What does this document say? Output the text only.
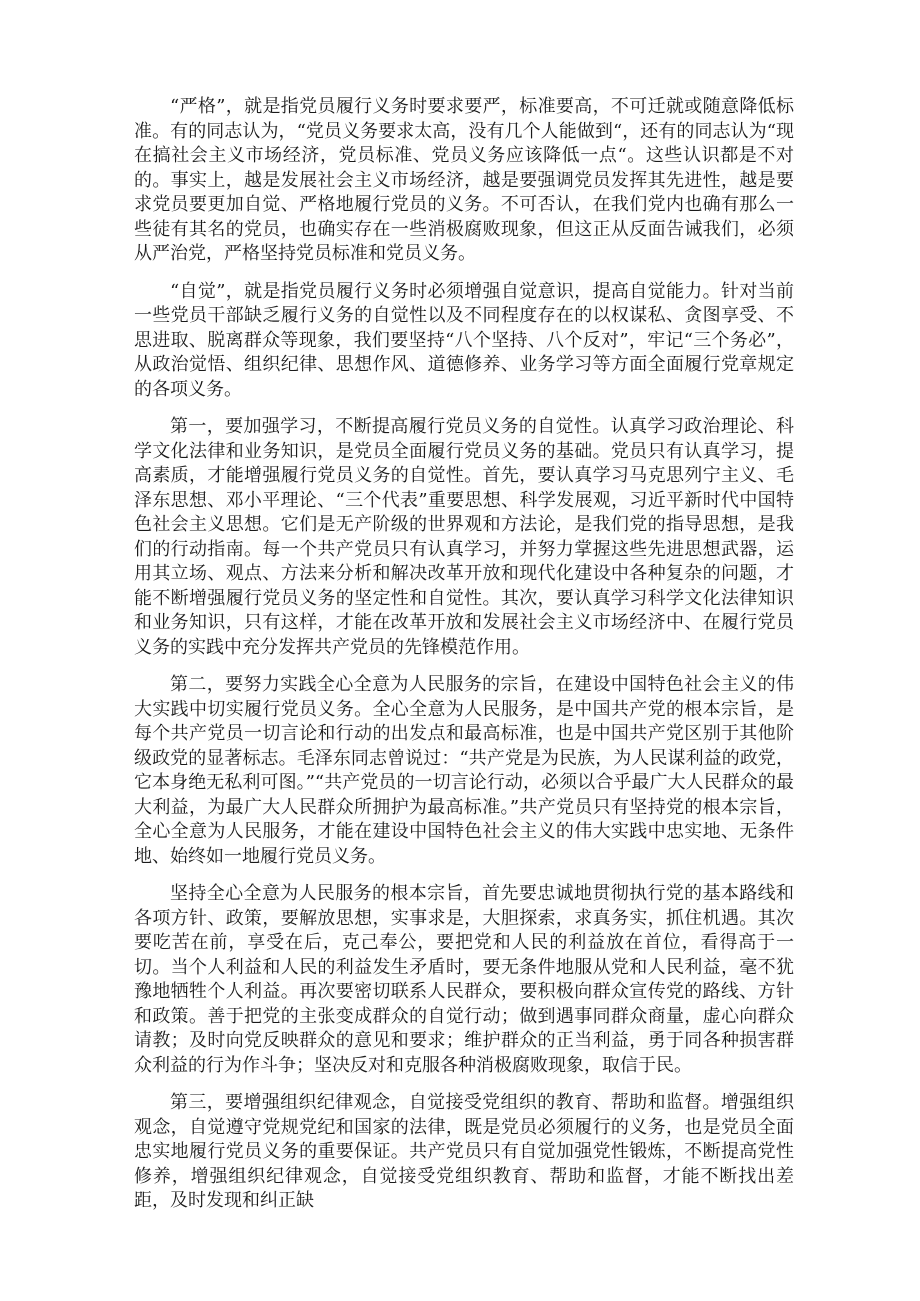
“严格”，就是指党员履行义务时要求要严，标准要高，不可迁就或随意降低标准。有的同志认为，“党员义务要求太高，没有几个人能做到“，还有的同志认为“现在搞社会主义市场经济，党员标准、党员义务应该降低一点“。这些认识都是不对的。事实上，越是发展社会主义市场经济，越是要强调党员发挥其先进性，越是要求党员要更加自觉、严格地履行党员的义务。不可否认，在我们党内也确有那么一些徒有其名的党员，也确实存在一些消极腐败现象，但这正从反面告诫我们，必须从严治党，严格坚持党员标准和党员义务。

“自觉”，就是指党员履行义务时必须增强自觉意识，提高自觉能力。针对当前一些党员干部缺乏履行义务的自觉性以及不同程度存在的以权谋私、贪图享受、不思进取、脱离群众等现象，我们要坚持“八个坚持、八个反对”，牢记“三个务必”，从政治觉悟、组织纪律、思想作风、道德修养、业务学习等方面全面履行党章规定的各项义务。

第一，要加强学习，不断提高履行党员义务的自觉性。认真学习政治理论、科学文化法律和业务知识，是党员全面履行党员义务的基础。党员只有认真学习，提高素质，才能增强履行党员义务的自觉性。首先，要认真学习马克思列宁主义、毛泽东思想、邓小平理论、“三个代表”重要思想、科学发展观，习近平新时代中国特色社会主义思想。它们是无产阶级的世界观和方法论，是我们党的指导思想，是我们的行动指南。每一个共产党员只有认真学习，并努力掌握这些先进思想武器，运用其立场、观点、方法来分析和解决改革开放和现代化建设中各种复杂的问题，才能不断增强履行党员义务的坚定性和自觉性。其次，要认真学习科学文化法律知识和业务知识，只有这样，才能在改革开放和发展社会主义市场经济中、在履行党员义务的实践中充分发挥共产党员的先锋模范作用。

第二，要努力实践全心全意为人民服务的宗旨，在建设中国特色社会主义的伟大实践中切实履行党员义务。全心全意为人民服务，是中国共产党的根本宗旨，是每个共产党员一切言论和行动的出发点和最高标准，也是中国共产党区别于其他阶级政党的显著标志。毛泽东同志曾说过：“共产党是为民族，为人民谋利益的政党，它本身绝无私利可图。”“共产党员的一切言论行动，必须以合乎最广大人民群众的最大利益，为最广大人民群众所拥护为最高标准。”共产党员只有坚持党的根本宗旨，全心全意为人民服务，才能在建设中国特色社会主义的伟大实践中忠实地、无条件地、始终如一地履行党员义务。

坚持全心全意为人民服务的根本宗旨，首先要忠诚地贯彻执行党的基本路线和各项方针、政策，要解放思想，实事求是，大胆探索，求真务实，抓住机遇。其次要吃苦在前，享受在后，克己奉公，要把党和人民的利益放在首位，看得高于一切。当个人利益和人民的利益发生矛盾时，要无条件地服从党和人民利益，毫不犹豫地牺牲个人利益。再次要密切联系人民群众，要积极向群众宣传党的路线、方针和政策。善于把党的主张变成群众的自觉行动；做到遇事同群众商量，虚心向群众请教；及时向党反映群众的意见和要求；维护群众的正当利益，勇于同各种损害群众利益的行为作斗争；坚决反对和克服各种消极腐败现象，取信于民。

第三，要增强组织纪律观念，自觉接受党组织的教育、帮助和监督。增强组织观念，自觉遵守党规党纪和国家的法律，既是党员必须履行的义务，也是党员全面忠实地履行党员义务的重要保证。共产党员只有自觉加强党性锻炼，不断提高党性修养，增强组织纪律观念，自觉接受党组织教育、帮助和监督，才能不断找出差距，及时发现和纠正缺
